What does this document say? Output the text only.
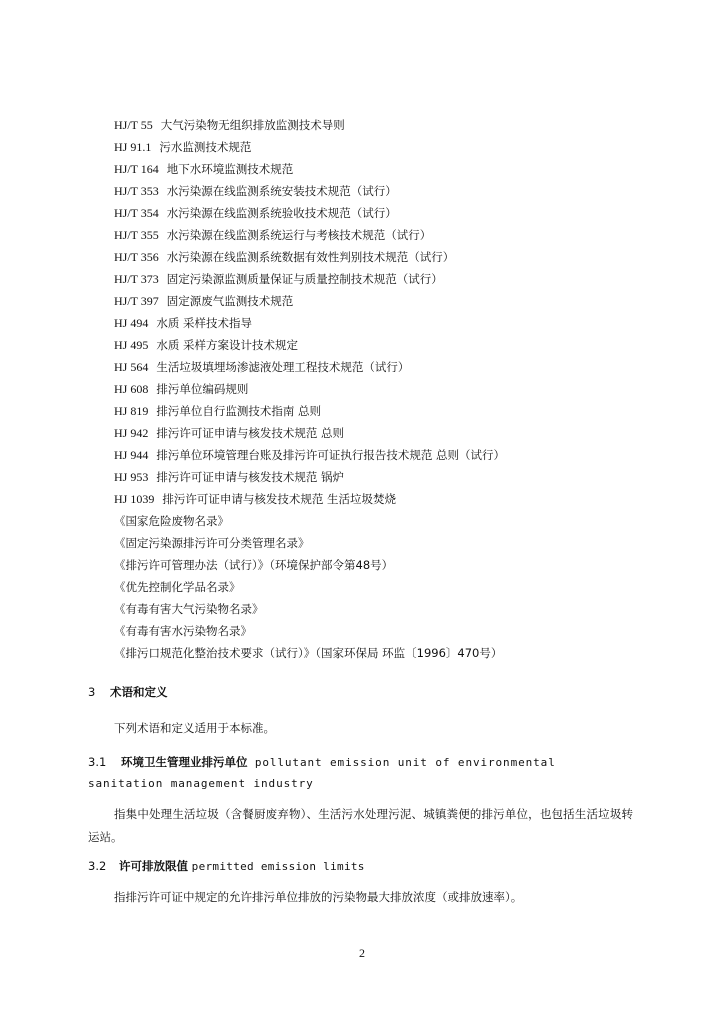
HJ/T 55 大气污染物无组织排放监测技术导则
HJ 91.1 污水监测技术规范
HJ/T 164 地下水环境监测技术规范
HJ/T 353 水污染源在线监测系统安装技术规范（试行）
HJ/T 354 水污染源在线监测系统验收技术规范（试行）
HJ/T 355 水污染源在线监测系统运行与考核技术规范（试行）
HJ/T 356 水污染源在线监测系统数据有效性判别技术规范（试行）
HJ/T 373 固定污染源监测质量保证与质量控制技术规范（试行）
HJ/T 397 固定源废气监测技术规范
HJ 494 水质 采样技术指导
HJ 495 水质 采样方案设计技术规定
HJ 564 生活垃圾填埋场渗滤液处理工程技术规范（试行）
HJ 608 排污单位编码规则
HJ 819 排污单位自行监测技术指南 总则
HJ 942 排污许可证申请与核发技术规范 总则
HJ 944 排污单位环境管理台账及排污许可证执行报告技术规范 总则（试行）
HJ 953 排污许可证申请与核发技术规范 锅炉
HJ 1039 排污许可证申请与核发技术规范 生活垃圾焚烧
《国家危险废物名录》
《固定污染源排污许可分类管理名录》
《排污许可管理办法（试行）》（环境保护部令第48号）
《优先控制化学品名录》
《有毒有害大气污染物名录》
《有毒有害水污染物名录》
《排污口规范化整治技术要求（试行）》（国家环保局 环监〔1996〕470号）
3 术语和定义
下列术语和定义适用于本标准。
3.1 环境卫生管理业排污单位 pollutant emission unit of environmental sanitation management industry
指集中处理生活垃圾（含餐厨废弃物）、生活污水处理污泥、城镇粪便的排污单位，也包括生活垃圾转运站。
3.2 许可排放限值 permitted emission limits
指排污许可证中规定的允许排污单位排放的污染物最大排放浓度（或排放速率）。
2
